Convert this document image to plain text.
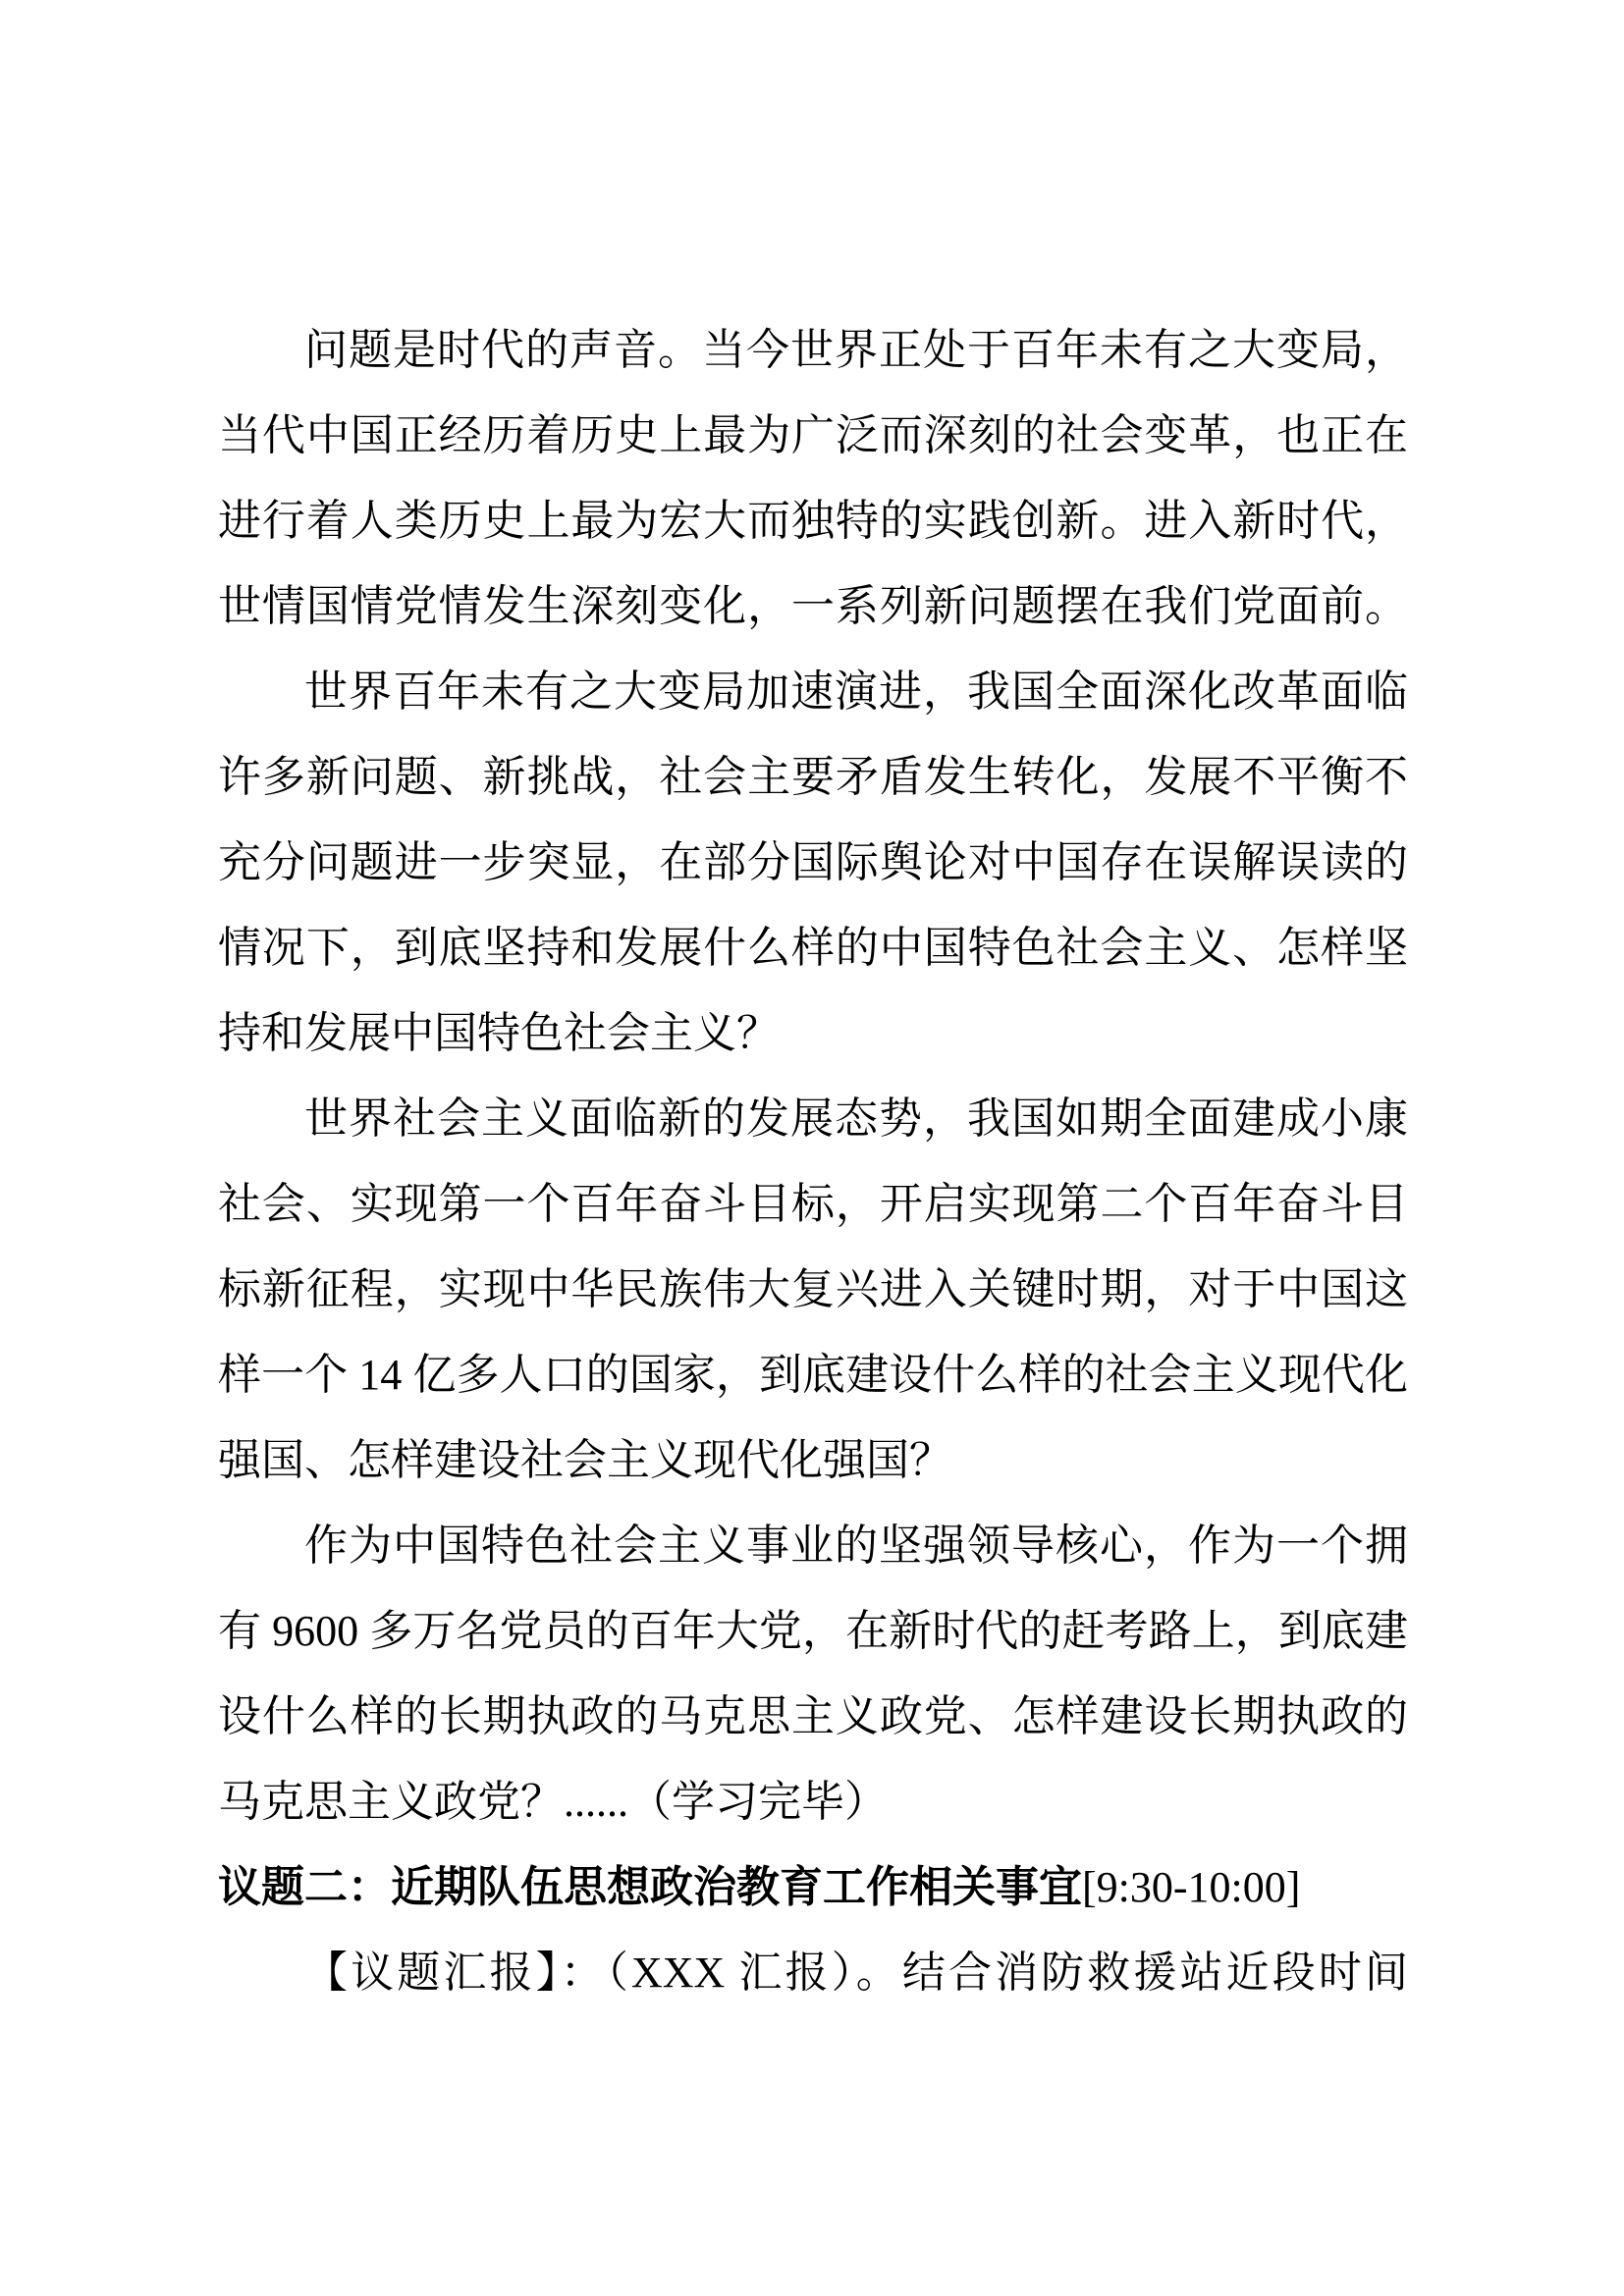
问题是时代的声音。当今世界正处于百年未有之大变局，
当代中国正经历着历史上最为广泛而深刻的社会变革，也正在
进行着人类历史上最为宏大而独特的实践创新。进入新时代，
世情国情党情发生深刻变化，一系列新问题摆在我们党面前。
世界百年未有之大变局加速演进，我国全面深化改革面临
许多新问题、新挑战，社会主要矛盾发生转化，发展不平衡不
充分问题进一步突显，在部分国际舆论对中国存在误解误读的
情况下，到底坚持和发展什么样的中国特色社会主义、怎样坚
持和发展中国特色社会主义？
世界社会主义面临新的发展态势，我国如期全面建成小康
社会、实现第一个百年奋斗目标，开启实现第二个百年奋斗目
标新征程，实现中华民族伟大复兴进入关键时期，对于中国这
样一个 14 亿多人口的国家，到底建设什么样的社会主义现代化
强国、怎样建设社会主义现代化强国？
作为中国特色社会主义事业的坚强领导核心，作为一个拥
有 9600 多万名党员的百年大党，在新时代的赶考路上，到底建
设什么样的长期执政的马克思主义政党、怎样建设长期执政的
马克思主义政党？......（学习完毕）
议题二：近期队伍思想政治教育工作相关事宜[9:30-10:00]
【议题汇报】：（XXX 汇报）。结合消防救援站近段时间
